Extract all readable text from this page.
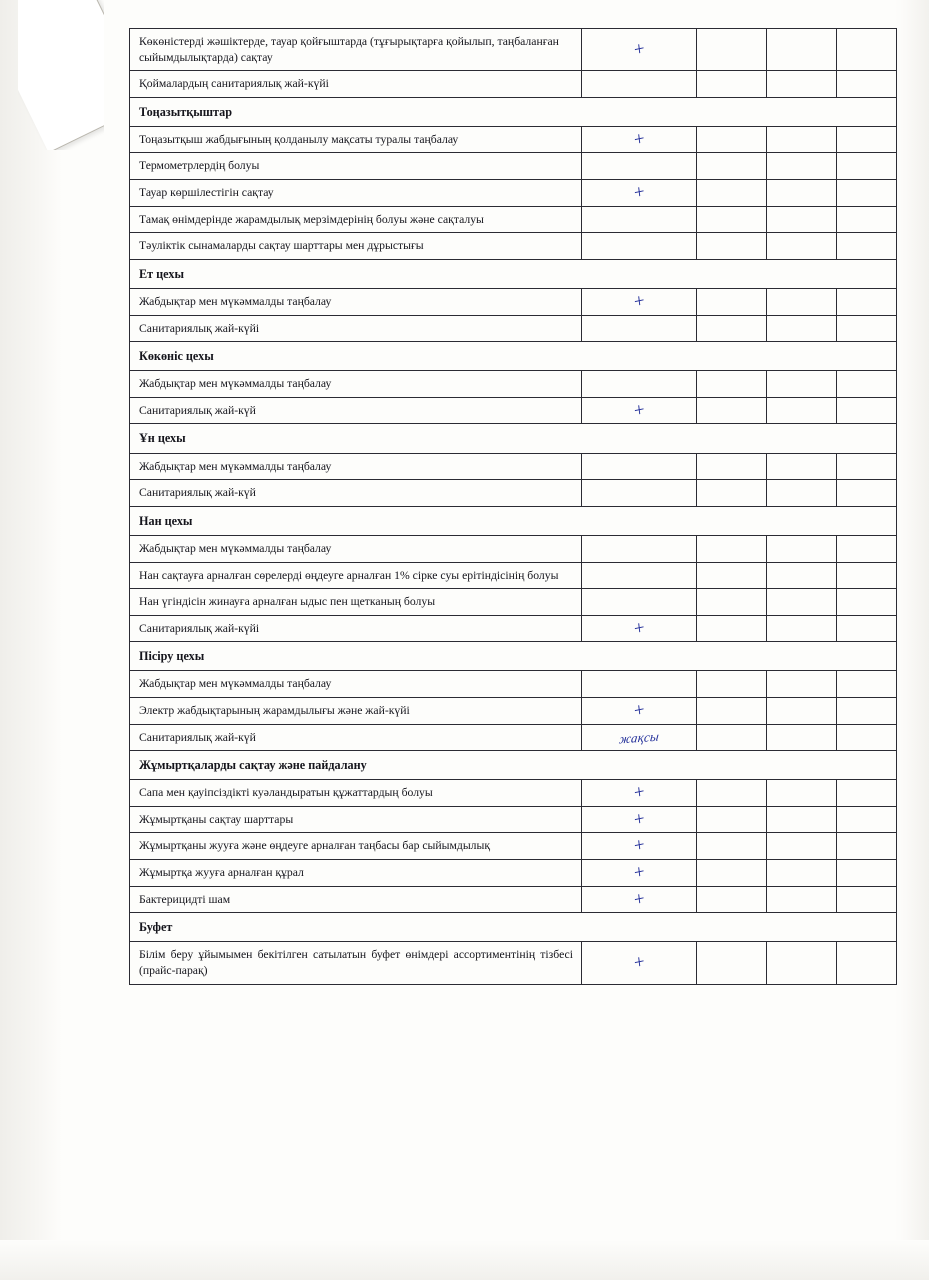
Көкөністерді жәшіктерде, тауар қойғыштарда (тұғырықтарға қойылып, таңбаланған сыйымдылықтарда) сақтау	+			

Қоймалардың санитариялық жай-күйі				

Тоңазытқыштар				

Тоңазытқыш жабдығының қолданылу мақсаты туралы таңбалау	+			

Термометрлердің болуы				

Тауар көршілестігін сақтау	+			

Тамақ өнімдерінде жарамдылық мерзімдерінің болуы және сақталуы				

Тәуліктік сынамаларды сақтау шарттары мен дұрыстығы				

Ет цехы				

Жабдықтар мен мүкәммалды таңбалау	+			

Санитариялық жай-күйі				

Көкөніс цехы				

Жабдықтар мен мүкәммалды таңбалау				

Санитариялық жай-күй	+			

Ұн цехы				

Жабдықтар мен мүкәммалды таңбалау				

Санитариялық жай-күй				

Нан цехы				

Жабдықтар мен мүкәммалды таңбалау				

Нан сақтауға арналған сөрелерді өңдеуге арналған 1% сірке суы ерітіндісінің болуы				

Нан үгіндісін жинауға арналған ыдыс пен щетканың болуы				

Санитариялық жай-күйі	+			

Пісіру цехы				

Жабдықтар мен мүкәммалды таңбалау				

Электр жабдықтарының жарамдылығы және жай-күйі	+			

Санитариялық жай-күй	жақсы			

Жұмыртқаларды сақтау және пайдалану				

Сапа мен қауіпсіздікті куәландыратын құжаттардың болуы	+			

Жұмыртқаны сақтау шарттары	+			

Жұмыртқаны жууға және өңдеуге арналған таңбасы бар сыйымдылық	+			

Жұмыртқа жууға арналған құрал	+			

Бактерицидті шам	+			

Буфет				

Білім беру ұйымымен бекітілген сатылатын буфет өнімдері ассортиментінің тізбесі (прайс-парақ)	+			
